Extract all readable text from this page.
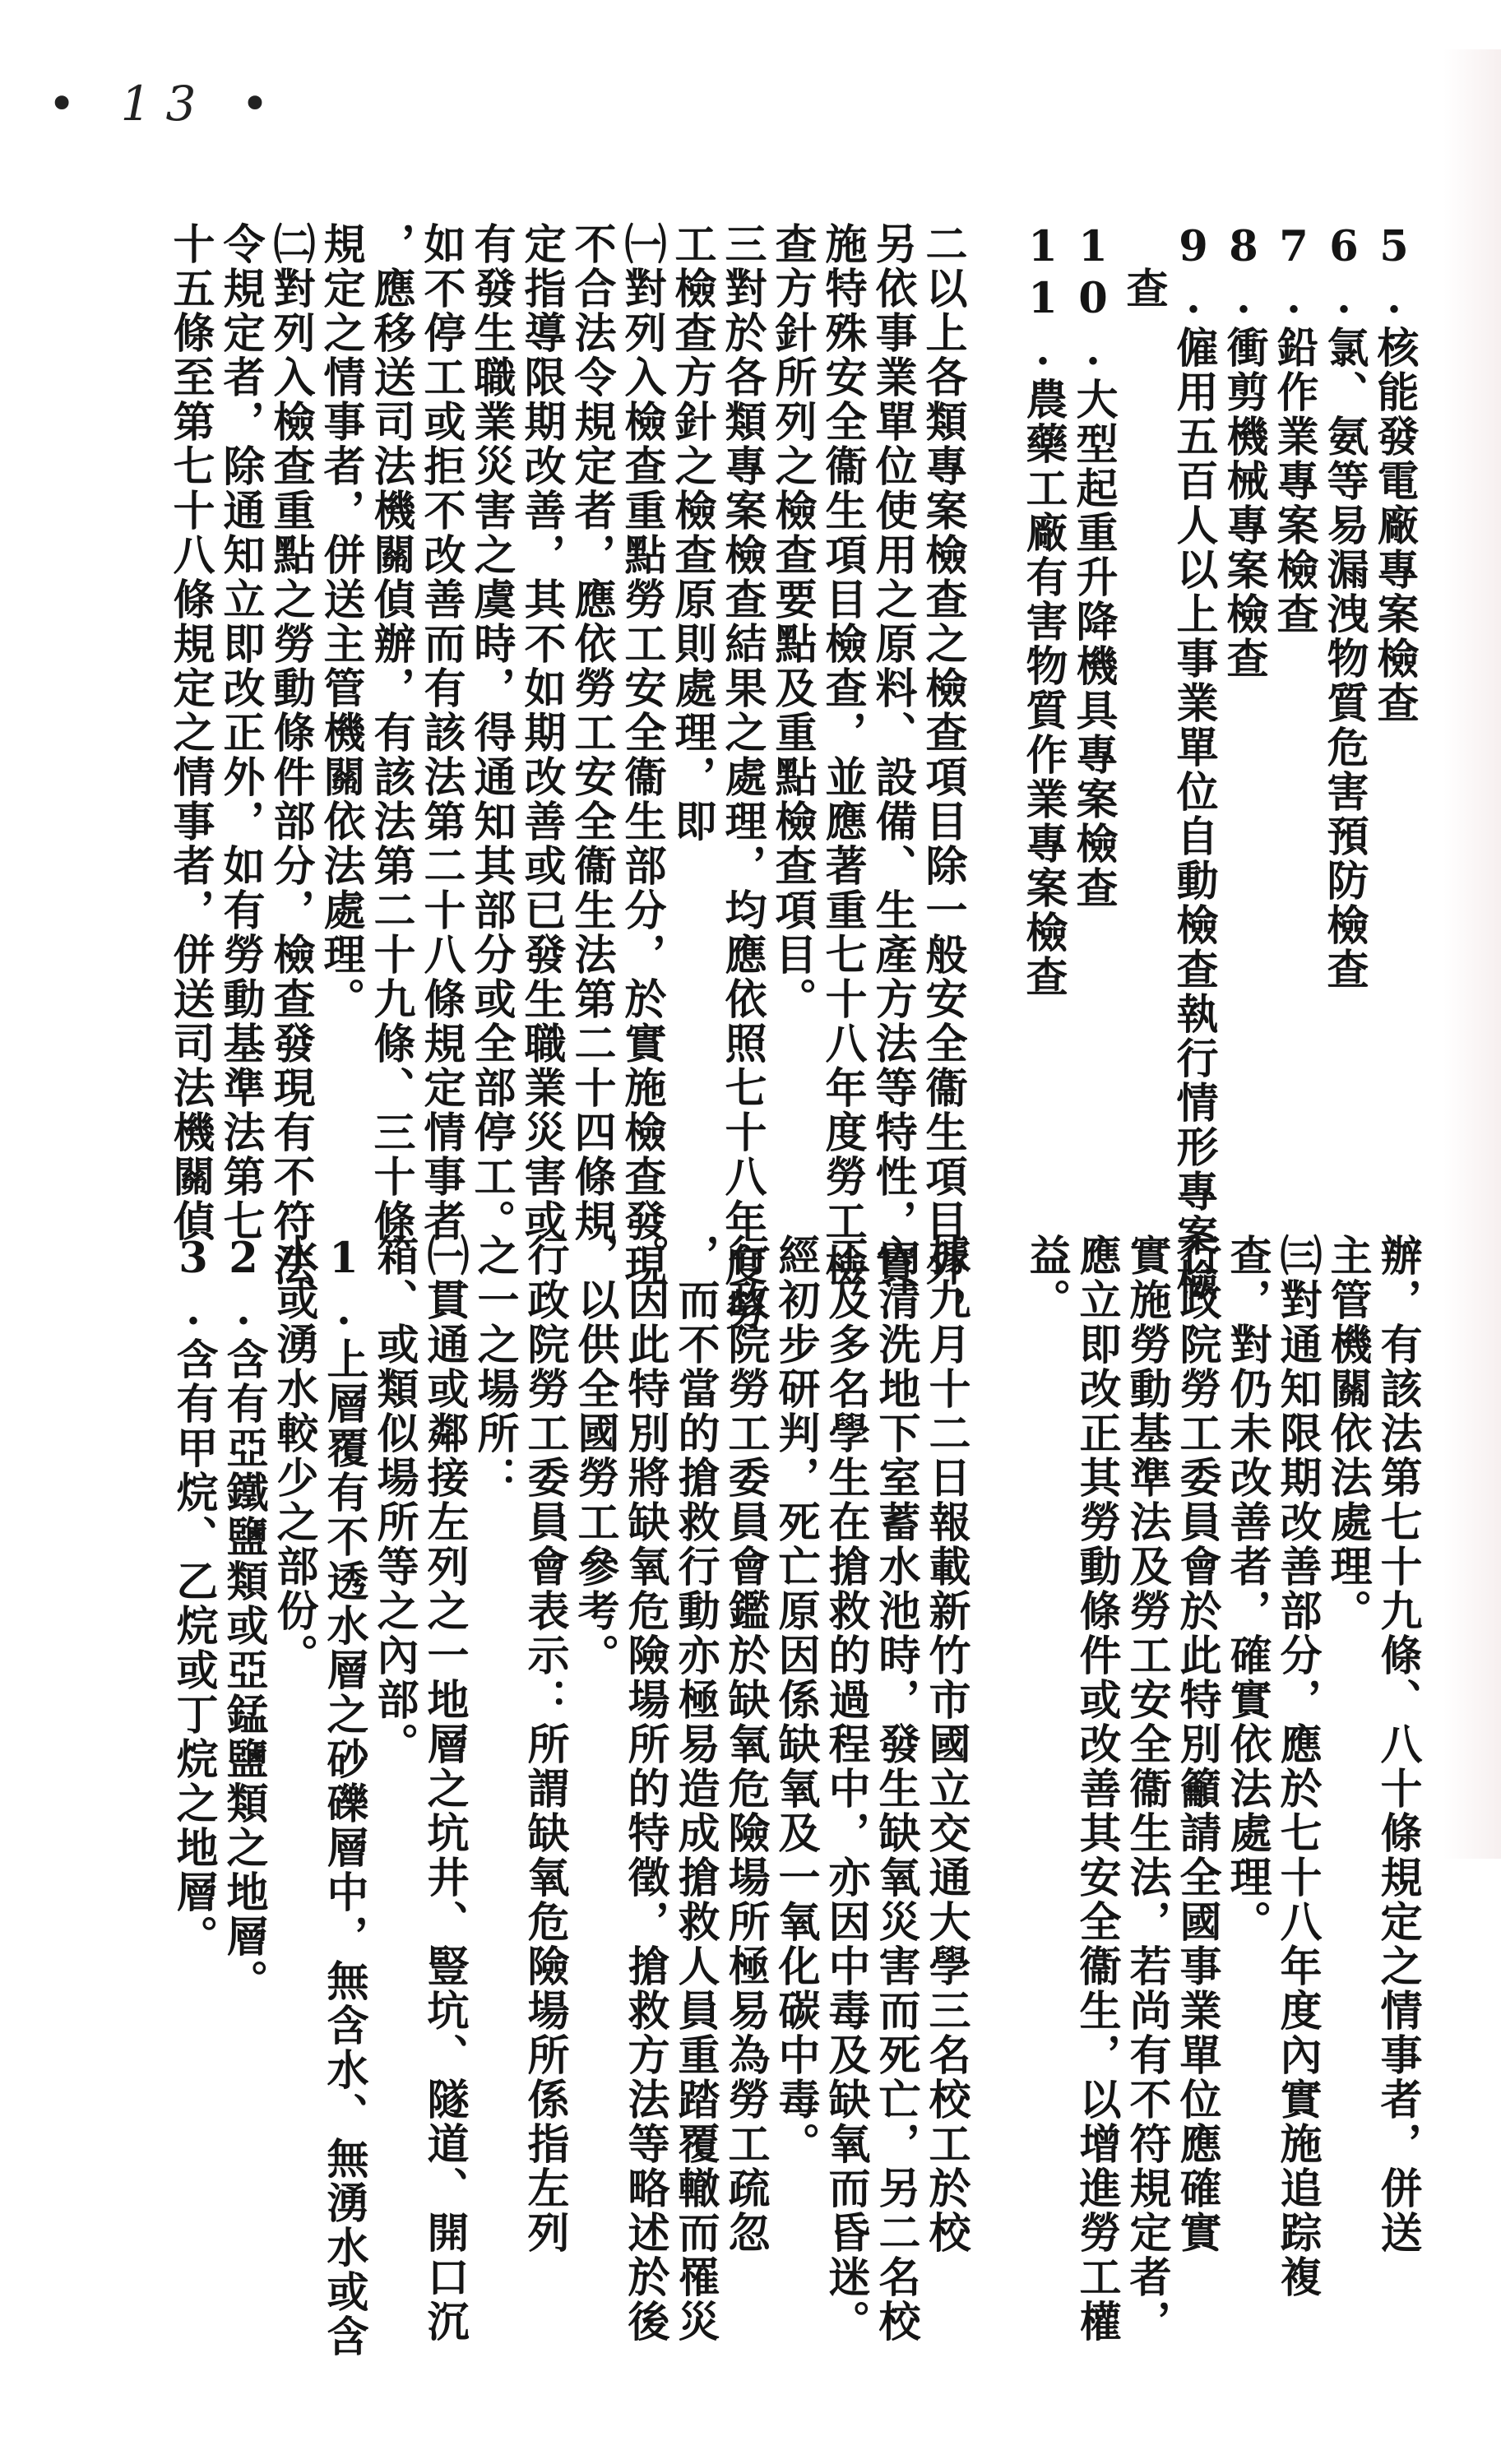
• 13 •
5.核能發電廠專案檢查
6.氯、氨等易漏洩物質危害預防檢查
7.鉛作業專案檢查
8.衝剪機械專案檢查
9.僱用五百人以上事業單位自動檢查執行情形專案檢
　查
10.大型起重升降機具專案檢查
11.農藥工廠有害物質作業專案檢查
二以上各類專案檢查之檢查項目除一般安全衞生項目外，
另依事業單位使用之原料、設備、生產方法等特性，實
施特殊安全衞生項目檢查，並應著重七十八年度勞工檢
查方針所列之檢查要點及重點檢查項目。
三對於各類專案檢查結果之處理，均應依照七十八年度勞
工檢查方針之檢查原則處理，即
㈠對列入檢查重點勞工安全衞生部分，於實施檢查發現
不合法令規定者，應依勞工安全衞生法第二十四條規
定指導限期改善，其不如期改善或已發生職業災害或
有發生職業災害之虞時，得通知其部分或全部停工。
如不停工或拒不改善而有該法第二十八條規定情事者
，應移送司法機關偵辦，有該法第二十九條、三十條
規定之情事者，併送主管機關依法處理。
㈡對列入檢查重點之勞動條件部分，檢查發現有不符法
令規定者，除通知立即改正外，如有勞動基準法第七
十五條至第七十八條規定之情事者，併送司法機關偵
辦，有該法第七十九條、八十條規定之情事者，併送
主管機關依法處理。
㈢對通知限期改善部分，應於七十八年度內實施追踪複
查，對仍未改善者，確實依法處理。
行政院勞工委員會於此特別籲請全國事業單位應確實
實施勞動基準法及勞工安全衞生法，若尚有不符規定者，
應立即改正其勞動條件或改善其安全衞生，以增進勞工權
益。
據九月十二日報載新竹市國立交通大學三名校工於校
內清洗地下室蓄水池時，發生缺氧災害而死亡，另二名校
工及多名學生在搶救的過程中，亦因中毒及缺氧而昏迷。
經初步研判，死亡原因係缺氧及一氧化碳中毒。
行政院勞工委員會鑑於缺氧危險場所極易為勞工疏忽
，而不當的搶救行動亦極易造成搶救人員重踏覆轍而罹災
。因此特別將缺氧危險場所的特徵，搶救方法等略述於後
，以供全國勞工參考。
行政院勞工委員會表示：所謂缺氧危險場所係指左列
之一之場所：
㈠貫通或鄰接左列之一地層之坑井、豎坑、隧道、開口沉
箱、或類似場所等之內部。
1.上層覆有不透水層之砂礫層中，無含水、無湧水或含
水或湧水較少之部份。
2.含有亞鐵鹽類或亞錳鹽類之地層。
3.含有甲烷、乙烷或丁烷之地層。
